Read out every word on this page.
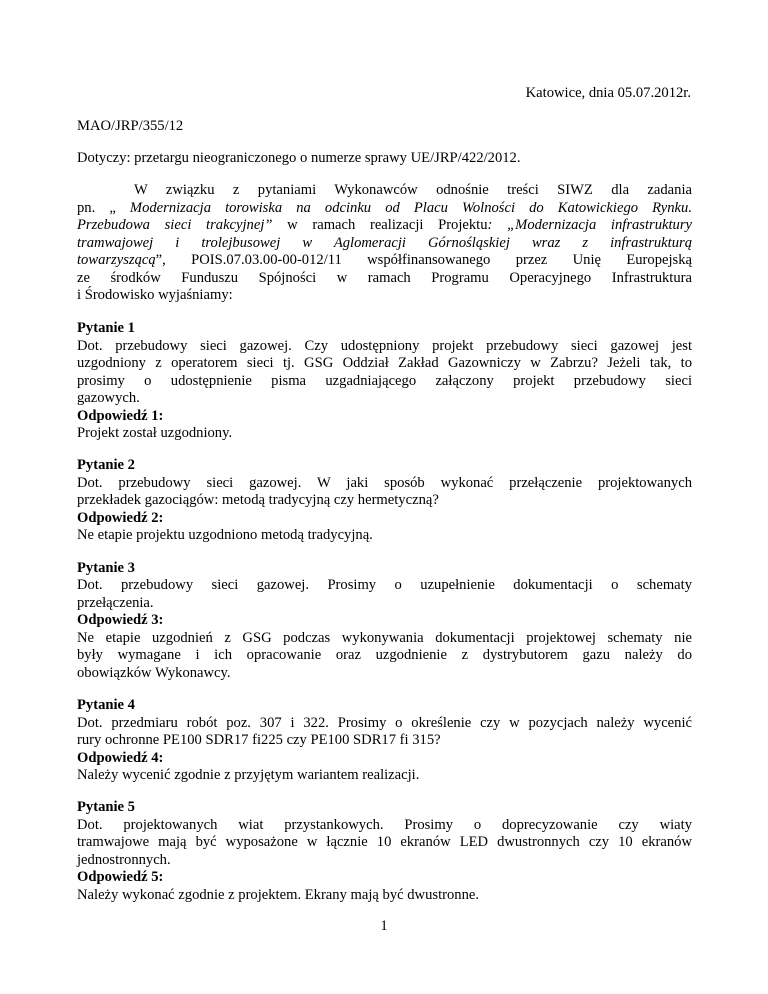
Katowice, dnia 05.07.2012r.
MAO/JRP/355/12
Dotyczy: przetargu nieograniczonego o numerze sprawy UE/JRP/422/2012.
W związku z pytaniami Wykonawców odnośnie treści SIWZ dla zadania
pn. „ Modernizacja torowiska na odcinku od Placu Wolności do Katowickiego Rynku.
Przebudowa sieci trakcyjnej” w ramach realizacji Projektu: „Modernizacja infrastruktury
tramwajowej i trolejbusowej w Aglomeracji Górnośląskiej wraz z infrastrukturą
towarzyszącą”, POIS.07.03.00-00-012/11 współfinansowanego przez Unię Europejską
ze środków Funduszu Spójności w ramach Programu Operacyjnego Infrastruktura
i Środowisko wyjaśniamy:
Pytanie 1
Dot. przebudowy sieci gazowej. Czy udostępniony projekt przebudowy sieci gazowej jest
uzgodniony z operatorem sieci tj. GSG Oddział Zakład Gazowniczy w Zabrzu? Jeżeli tak, to
prosimy o udostępnienie pisma uzgadniającego załączony projekt przebudowy sieci
gazowych.
Odpowiedź 1:
Projekt został uzgodniony.
Pytanie 2
Dot. przebudowy sieci gazowej. W jaki sposób wykonać przełączenie projektowanych
przekładek gazociągów: metodą tradycyjną czy hermetyczną?
Odpowiedź 2:
Ne etapie projektu uzgodniono metodą tradycyjną.
Pytanie 3
Dot. przebudowy sieci gazowej. Prosimy o uzupełnienie dokumentacji o schematy
przełączenia.
Odpowiedź 3:
Ne etapie uzgodnień z GSG podczas wykonywania dokumentacji projektowej schematy nie
były wymagane i ich opracowanie oraz uzgodnienie z dystrybutorem gazu należy do
obowiązków Wykonawcy.
Pytanie 4
Dot. przedmiaru robót poz. 307 i 322. Prosimy o określenie czy w pozycjach należy wycenić
rury ochronne PE100 SDR17 fi225 czy PE100 SDR17 fi 315?
Odpowiedź 4:
Należy wycenić zgodnie z przyjętym wariantem realizacji.
Pytanie 5
Dot. projektowanych wiat przystankowych. Prosimy o doprecyzowanie czy wiaty
tramwajowe mają być wyposażone w łącznie 10 ekranów LED dwustronnych czy 10 ekranów
jednostronnych.
Odpowiedź 5:
Należy wykonać zgodnie z projektem. Ekrany mają być dwustronne.
1
